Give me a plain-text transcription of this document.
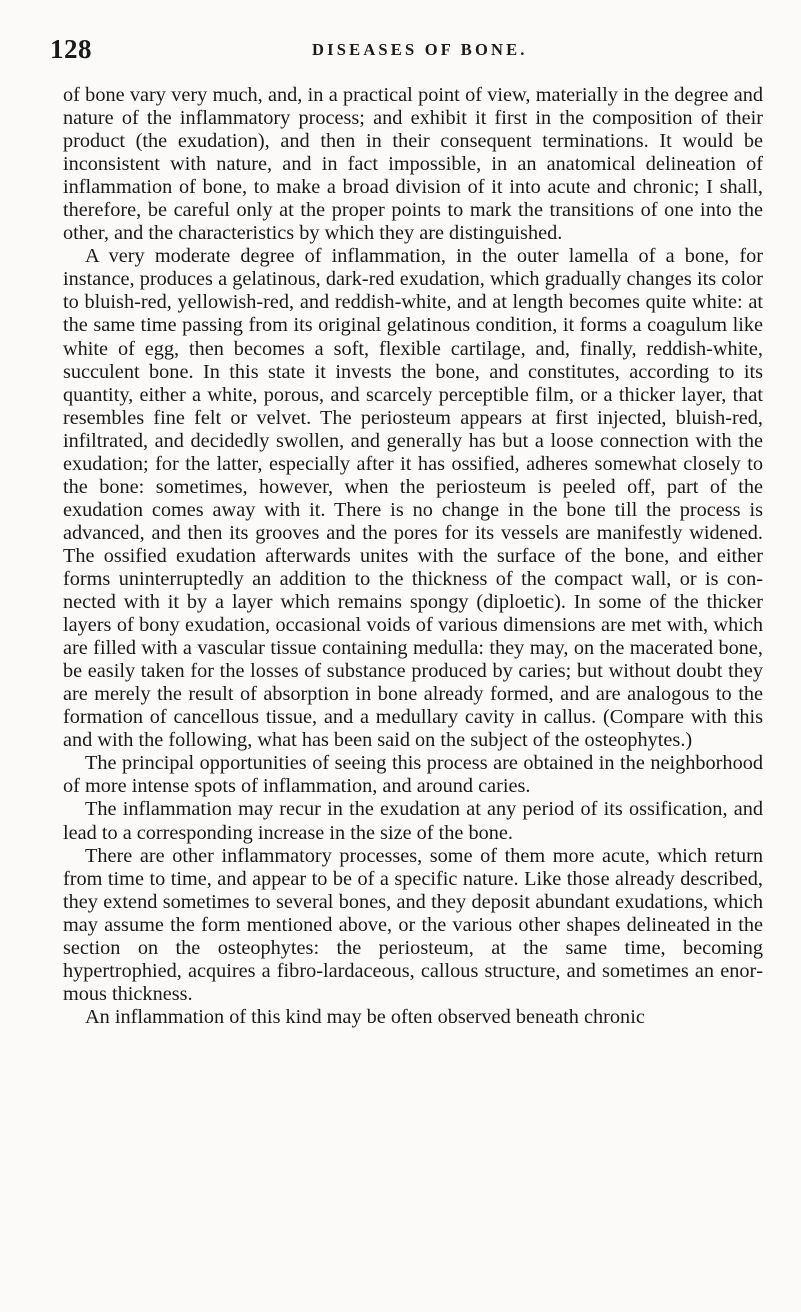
128	DISEASES OF BONE.

of bone vary very much, and, in a practical point of view, materially in the degree and nature of the inflammatory process; and exhibit it first in the composition of their product (the exudation), and then in their consequent terminations. It would be inconsistent with nature, and in fact impossible, in an anatomical delineation of inflammation of bone, to make a broad division of it into acute and chronic; I shall, therefore, be careful only at the proper points to mark the transitions of one into the other, and the characteristics by which they are distinguished.

A very moderate degree of inflammation, in the outer lamella of a bone, for instance, produces a gelatinous, dark-red exudation, which gradually changes its color to bluish-red, yellowish-red, and reddish-white, and at length becomes quite white: at the same time passing from its original gelatinous condition, it forms a coagulum like white of egg, then becomes a soft, flexible cartilage, and, finally, reddish-white, succulent bone. In this state it invests the bone, and constitutes, according to its quantity, either a white, porous, and scarcely perceptible film, or a thicker layer, that resembles fine felt or velvet. The periosteum appears at first injected, bluish-red, infiltrated, and decidedly swollen, and generally has but a loose connection with the exudation; for the latter, especially after it has ossified, adheres somewhat closely to the bone: sometimes, however, when the periosteum is peeled off, part of the exudation comes away with it. There is no change in the bone till the process is advanced, and then its grooves and the pores for its vessels are manifestly widened. The ossified exudation afterwards unites with the surface of the bone, and either forms uninterruptedly an addition to the thickness of the compact wall, or is connected with it by a layer which remains spongy (diploetic). In some of the thicker layers of bony exudation, occasional voids of various dimensions are met with, which are filled with a vascular tissue containing medulla: they may, on the macerated bone, be easily taken for the losses of substance produced by caries; but without doubt they are merely the result of absorption in bone already formed, and are analogous to the formation of cancellous tissue, and a medullary cavity in callus. (Compare with this and with the following, what has been said on the subject of the osteophytes.)

The principal opportunities of seeing this process are obtained in the neighborhood of more intense spots of inflammation, and around caries.

The inflammation may recur in the exudation at any period of its ossification, and lead to a corresponding increase in the size of the bone.

There are other inflammatory processes, some of them more acute, which return from time to time, and appear to be of a specific nature. Like those already described, they extend sometimes to several bones, and they deposit abundant exudations, which may assume the form mentioned above, or the various other shapes delineated in the section on the osteophytes: the periosteum, at the same time, becoming hypertrophied, acquires a fibro-lardaceous, callous structure, and sometimes an enormous thickness.

An inflammation of this kind may be often observed beneath chronic
